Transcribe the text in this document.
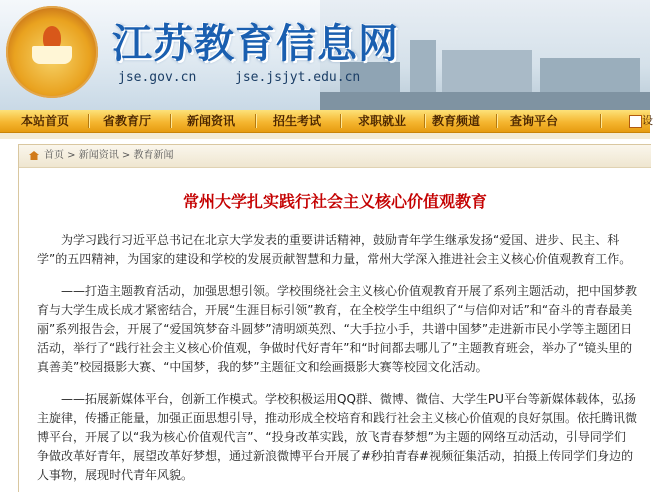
江苏教育信息网
jse.gov.cn	jse.jsjyt.edu.cn
本站首页	省教育厅	新闻资讯	招生考试	求职就业	教育频道	查询平台	设
首页 > 新闻资讯 > 教育新闻
常州大学扎实践行社会主义核心价值观教育

为学习践行习近平总书记在北京大学发表的重要讲话精神，鼓励青年学生继承发扬“爱国、进步、民主、科学”的五四精神，为国家的建设和学校的发展贡献智慧和力量，常州大学深入推进社会主义核心价值观教育工作。

——打造主题教育活动，加强思想引领。学校围绕社会主义核心价值观教育开展了系列主题活动，把中国梦教育与大学生成长成才紧密结合，开展“生涯目标引领”教育，在全校学生中组织了“与信仰对话”和“奋斗的青春最美丽”系列报告会，开展了“爱国筑梦奋斗圆梦”清明颂英烈、“大手拉小手，共谱中国梦”走进新市民小学等主题团日活动，举行了“践行社会主义核心价值观，争做时代好青年”和“时间都去哪儿了”主题教育班会，举办了“镜头里的真善美”校园摄影大赛、“中国梦，我的梦”主题征文和绘画摄影大赛等校园文化活动。

——拓展新媒体平台，创新工作模式。学校积极运用QQ群、微博、微信、大学生PU平台等新媒体载体，弘扬主旋律，传播正能量，加强正面思想引导，推动形成全校培育和践行社会主义核心价值观的良好氛围。依托腾讯微博平台，开展了以“我为核心价值观代言”、“投身改革实践，放飞青春梦想”为主题的网络互动活动，引导同学们争做改革好青年，展望改革好梦想，通过新浪微博平台开展了#秒拍青春#视频征集活动，拍摄上传同学们身边的人事物，展现时代青年风貌。
